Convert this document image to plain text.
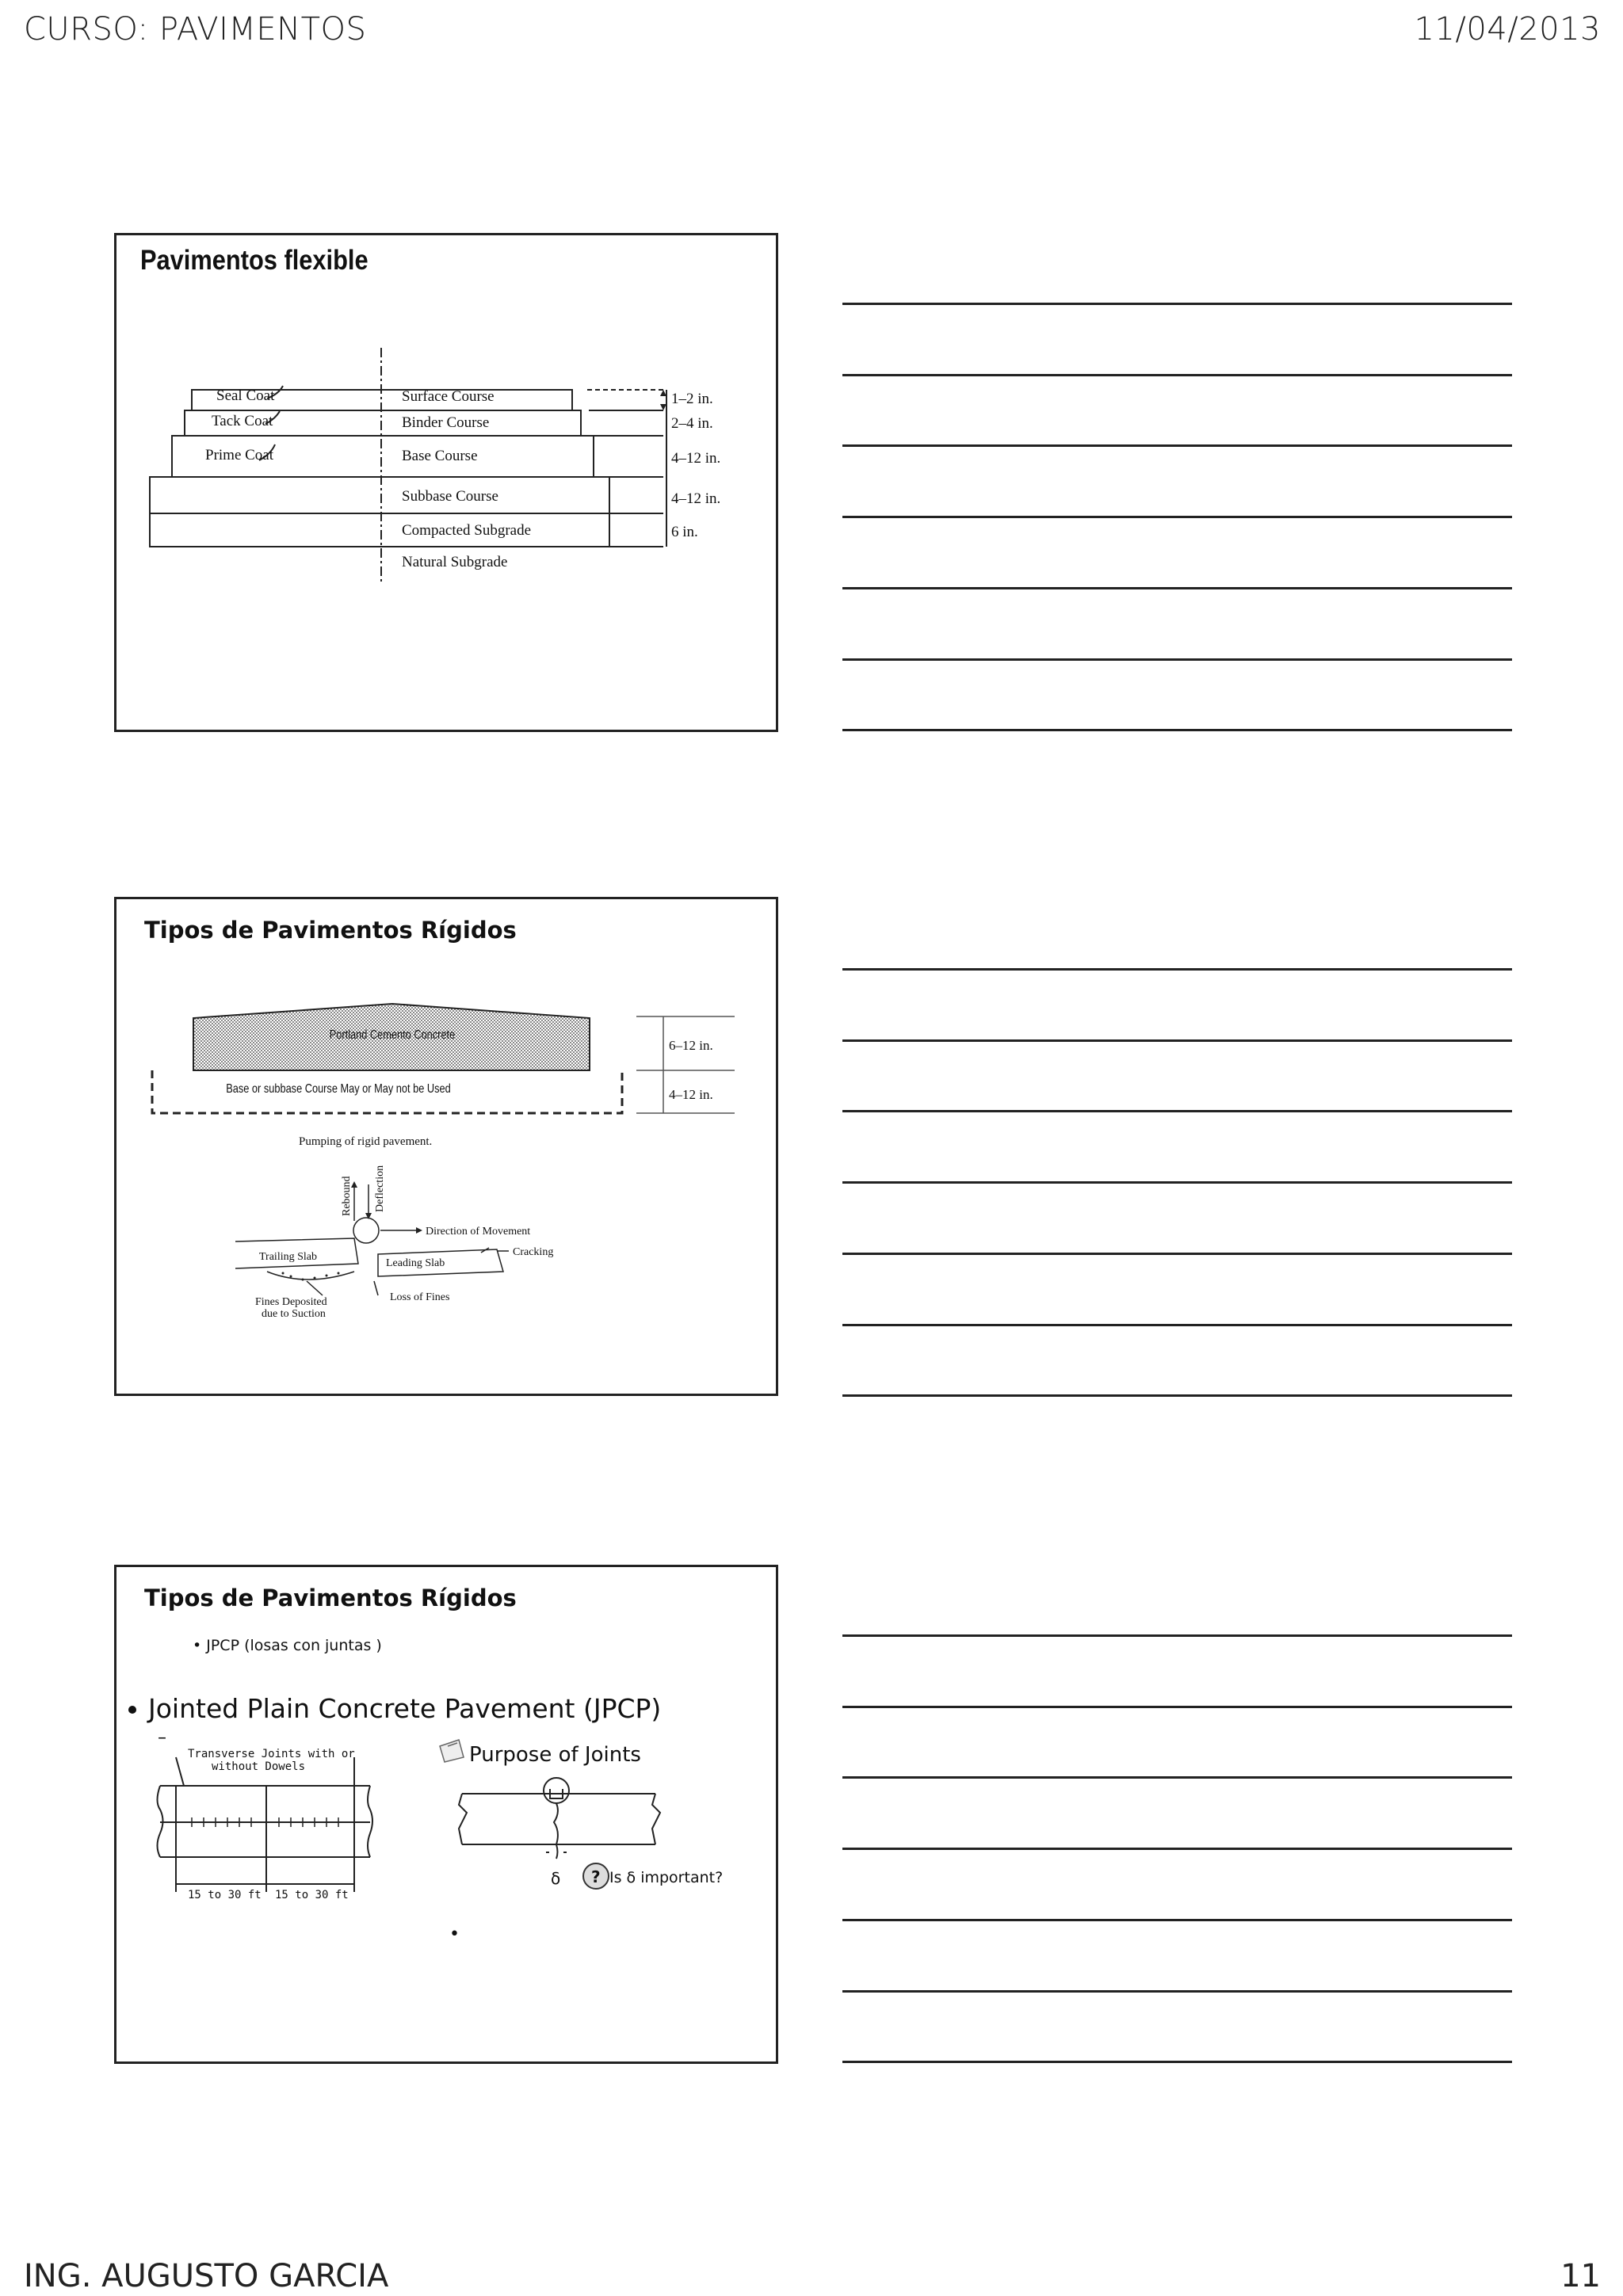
CURSO: PAVIMENTOS	11/04/2013
ING. AUGUSTO GARCIA	11
Pavimentos flexible
Seal Coat
Tack Coat
Prime Coat
Surface Course
Binder Course
Base Course
Subbase Course
Compacted Subgrade
Natural Subgrade
1–2 in.
2–4 in.
4–12 in.
4–12 in.
6 in.
Tipos de Pavimentos Rígidos
Portland Cemento Concrete
Base or subbase Course May or May not be Used
6–12 in.
4–12 in.
Pumping of rigid pavement.
Rebound Deflection
Direction of Movement
Trailing Slab
Leading Slab
Cracking
Fines Deposited
due to Suction
Loss of Fines
Tipos de Pavimentos Rígidos
• JPCP (losas con juntas )
Jointed Plain Concrete Pavement (JPCP)
–
Transverse Joints with or
without Dowels
15 to 30 ft 15 to 30 ft
Purpose of Joints
δ ? Is δ important?
•
